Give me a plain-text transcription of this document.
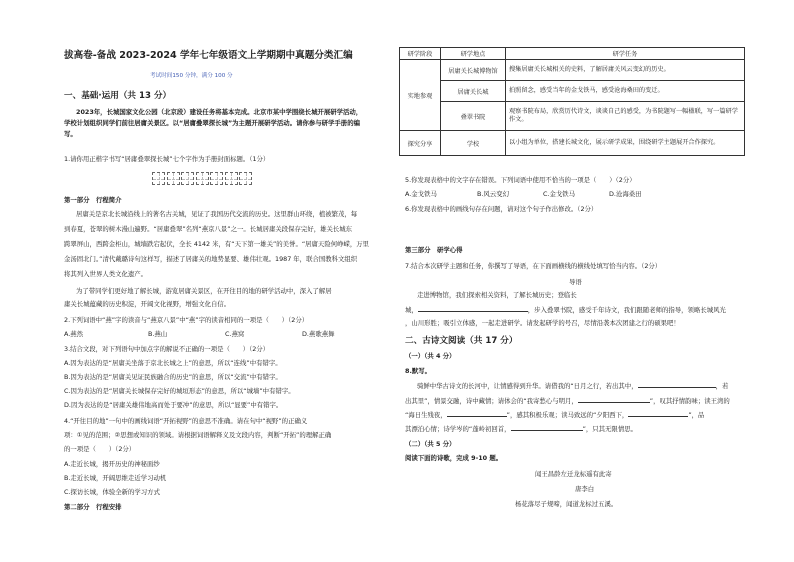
拔高卷-备战 2023-2024 学年七年级语文上学期期中真题分类汇编
考试时间150 分钟，满分 100 分
一、基础·运用（共 13 分）
2023年，长城国家文化公园（北京段）建设任务将基本完成。北京市某中学围绕长城开展研学活动，
学校计划组织同学们前往居庸关景区。以“居庸叠翠探长城”为主题开展研学活动。请你参与研学手册的编
写。
1.请你用正楷字书写“居庸叠翠探长城”七个字作为手册封面标题。（1分）
第一部分　行程简介
居庸关是京北长城沿线上的著名古关城，见证了我国历代交流的历史。这里群山环绕，植被繁茂，每
到春夏，苍翠的树木漫山遍野。“居庸叠翠”名列“燕京八景”之一。长城居庸关段保存完好，雄关长城东
跨翠屏山，西跨金柜山，城墙跌宕起伏，全长 4142 米，有“天下第一雄关”的美誉。“居庸天险何峥嵘，万里
金汤固北门。”清代戴璐诗句这样写，描述了居庸关的地势显要、雄伟壮观。1987 年，联合国教科文组织
将其列入世界人类文化遗产。
为了带同学们更好地了解长城，游览居庸关景区，在开往目的地的研学活动中，深入了解居
庸关长城蕴藏的历史积淀，开阔文化视野，增强文化自信。
2.下列词语中“燕”字的读音与“燕京八景”中“燕”字的读音相同的一项是（　　）（2分）
A.燕然	B.燕山	C.燕窝	D.燕歌燕舞
3.结合文段，对下列语句中加点字的解说不正确的一项是（　　）（2分）
A.因为表达的是“居庸关坐落于京北长城之上”的意思，所以“连线”中有错字。
B.因为表达的是“居庸关见证民族融合的历史”的意思，所以“交流”中有错字。
C.因为表达的是“居庸关长城保存完好的城垣形态”的意思，所以“城墙”中有错字。
D.因为表达的是“居庸关雄伟地高而处于要冲”的意思，所以“显要”中有错字。
4.“开往目的地”一句中的画线词语“开拓视野”的意思不准确。请在句中“视野”的正确义
项：①见的范围；②思想或知识的领域。请根据词语解释义及文段内容，判断“开拓”的理解正确
的一项是（　　）（2分）
A.走近长城，揭开历史的神秘面纱
B.走近长城，开阔思维走近学习动机
C.探访长城，体验全新的学习方式
第二部分　行程安排
研学阶段	研学地点	研学任务
实地参观	居庸关长城博物馆	搜集居庸关长城相关的史料，了解居庸关风云变幻的历史。
	居庸关长城	拍照留念，感受当年的金戈铁马，感受沧海桑田的变迁。
	叠翠书院	观察书院布局，欣赏历代诗文，谈谈自己的感受，为书院题写一幅楹联，写一篇研学作文。
探究分享	学校	以小组为单位，搭建长城文化，展示研学成果，围绕研学主题展开合作探究。
5.你发现表格中的文字存在错误。下列词语中使用不恰当的一项是（　　）（2分）
A.金戈铁马	B.风云变幻	C.金戈铁马	D.沧海桑田
6.你发现表格中的画线句存在问题，请对这个句子作出修改。（2分）
第三部分　研学心得
7.结合本次研学主题和任务，你撰写了导语，在下面画横线的横线处填写恰当内容。（2分）
导语
走进博物馆，我们探索相关资料，了解长城历史；登临长
城，	，步入叠翠书院，感受千年诗文，我们跟随老师的指导，领略长城风光
，山川形胜；吸引立体感，一起走进研学。请发起研学的号召，尽情沿袭本次团建之行的硕果吧！
二、古诗文阅读（共 17 分）
（一）（共 4 分）
8.默写。
骑鲜中华古诗文的长河中，让情感得到升华。请借我的“日月之行，若出其中，	，若
出其里”，情景交融，诗中藏情；请体会的“我寄愁心与明月，	”，叹其抒情韵味；读王湾的
“海日生残夜，	”，感其积极乐观；读马致远的“夕阳西下，	”，品
其漂泊心情；诗学岑的“蓬岭初回首，	”，只其无限情思。
（二）（共 5 分）
阅读下面的诗歌，完成 9-10 题。
闻王昌龄左迁龙标遥有此寄
唐李白
杨花落尽子规啼，闻道龙标过五溪。
